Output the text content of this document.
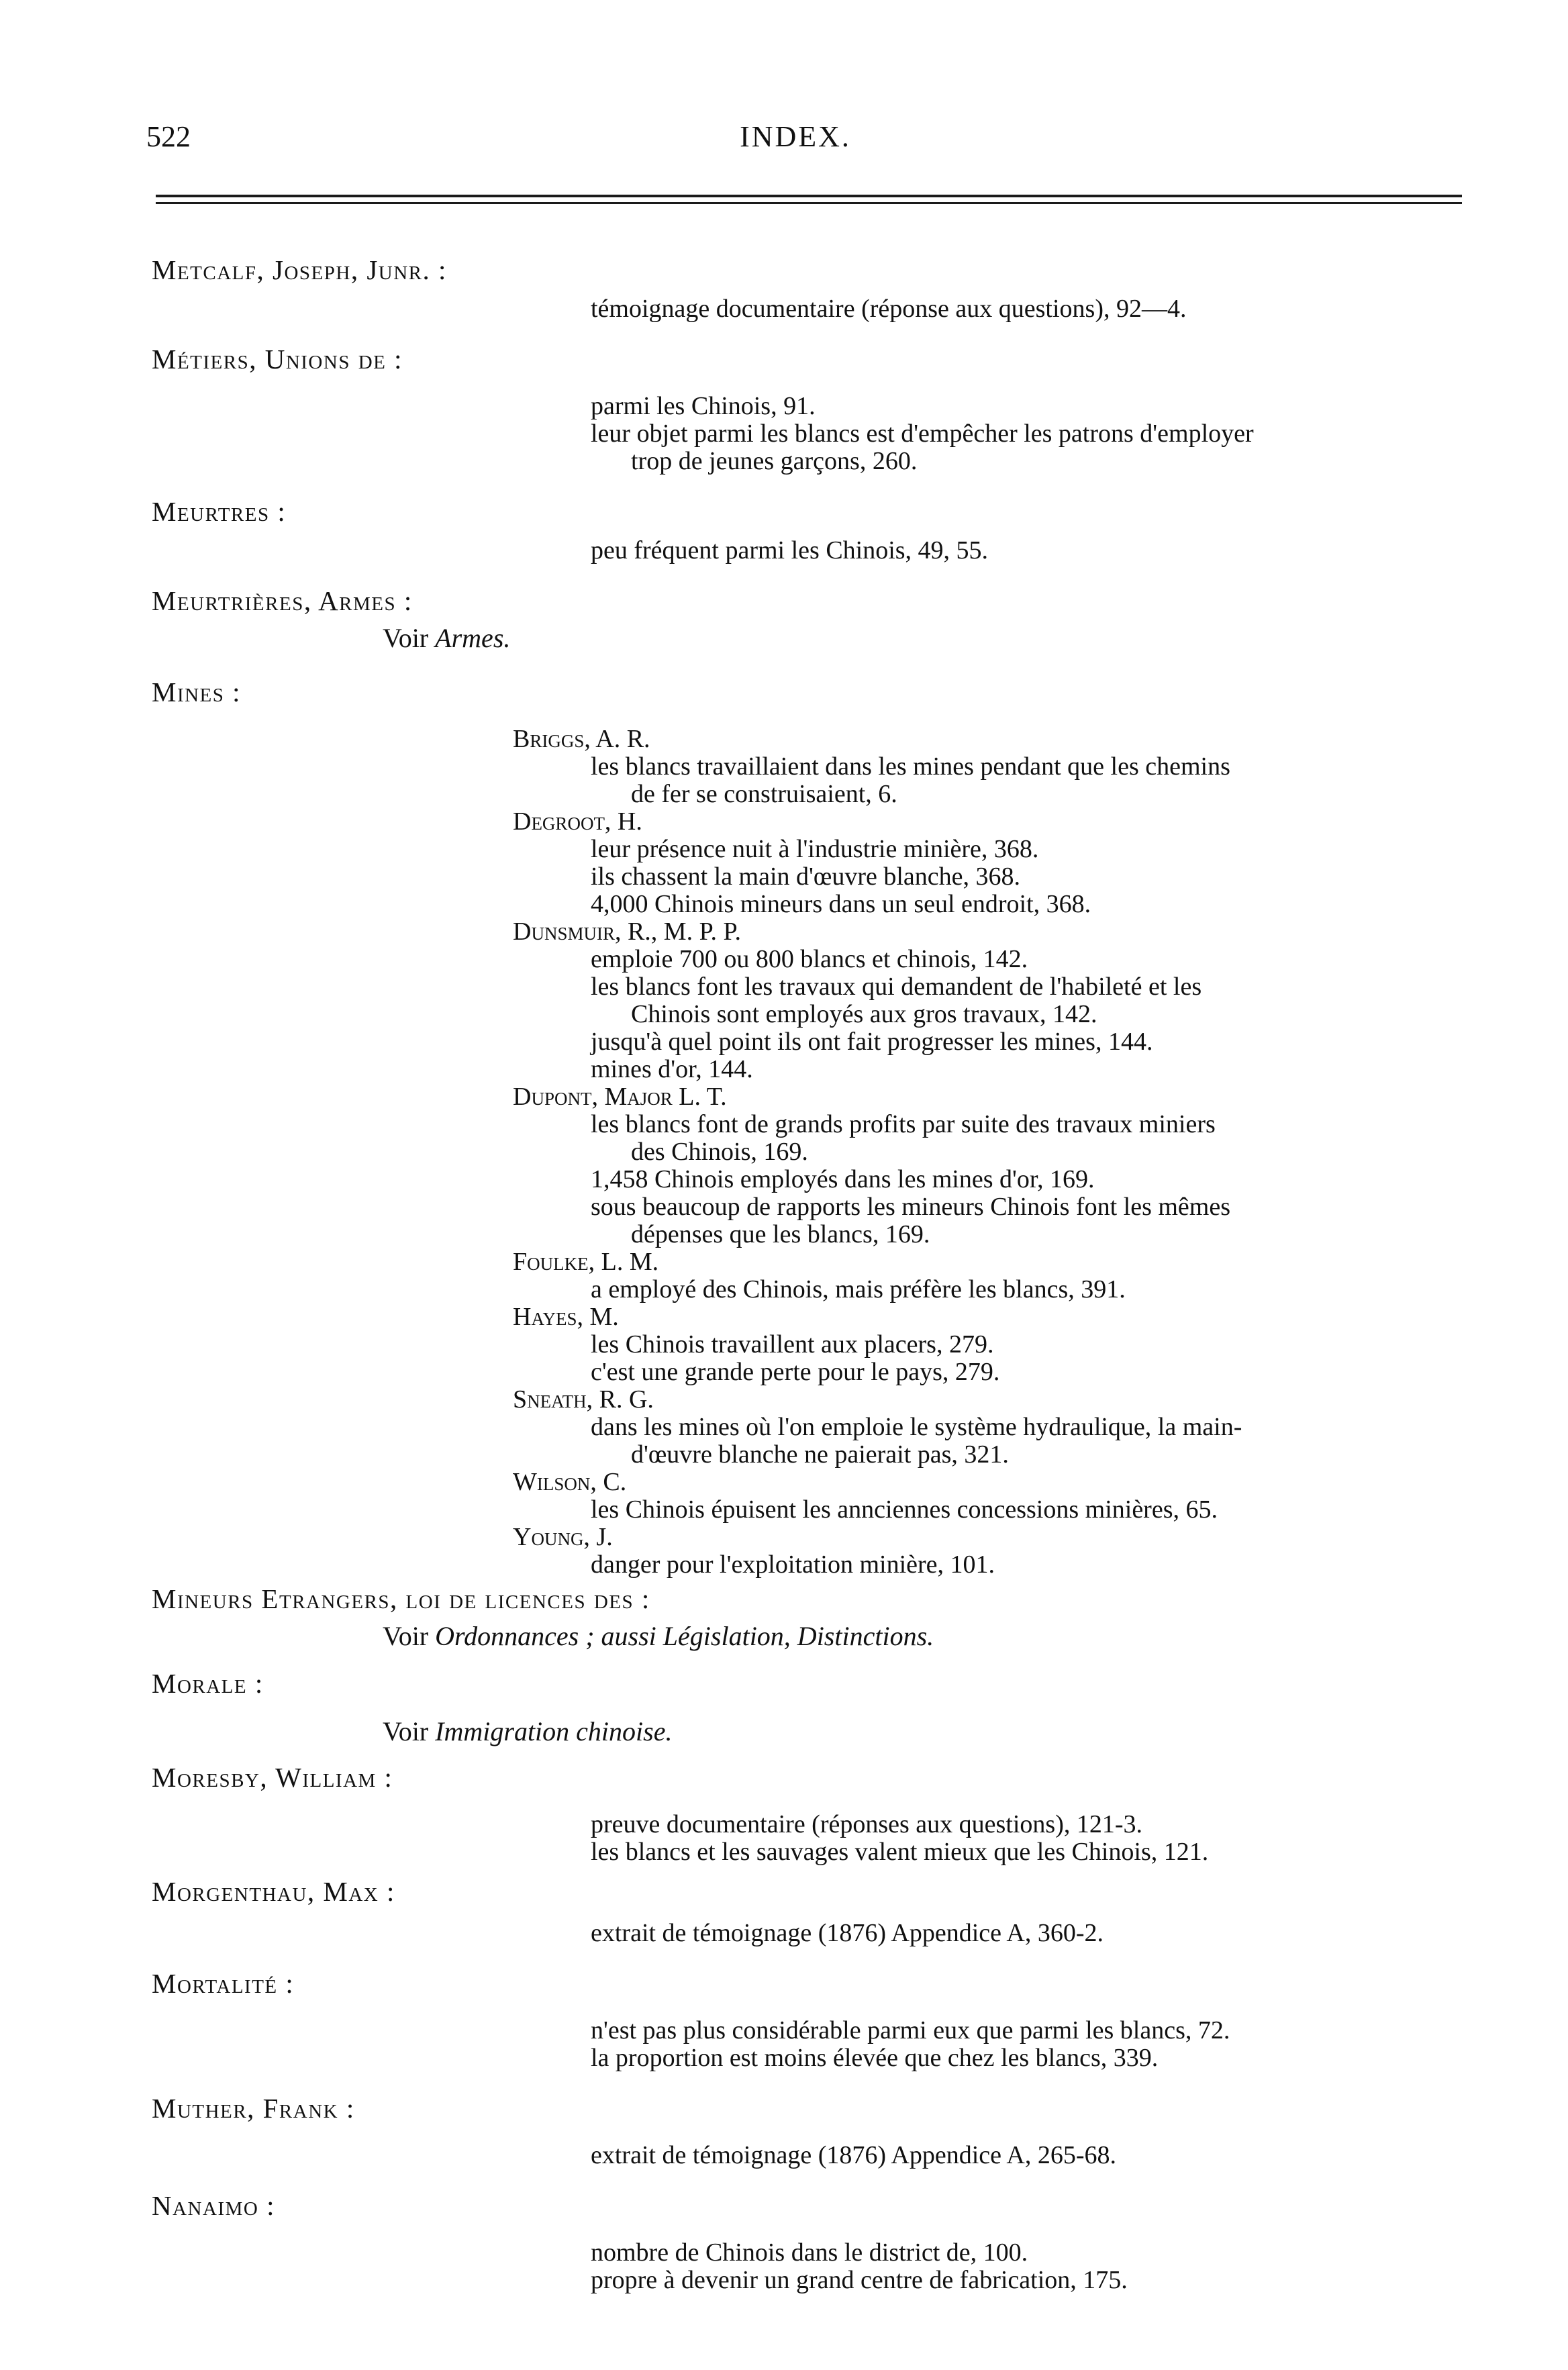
522	INDEX.
Metcalf, Joseph, Junr. :
témoignage documentaire (réponse aux questions), 92—4.
Métiers, Unions de :
parmi les Chinois, 91.
leur objet parmi les blancs est d'empêcher les patrons d'employer
trop de jeunes garçons, 260.
Meurtres :
peu fréquent parmi les Chinois, 49, 55.
Meurtrières, Armes :
Voir Armes.
Mines :
Briggs, A. R.
les blancs travaillaient dans les mines pendant que les chemins
de fer se construisaient, 6.
Degroot, H.
leur présence nuit à l'industrie minière, 368.
ils chassent la main d'œuvre blanche, 368.
4,000 Chinois mineurs dans un seul endroit, 368.
Dunsmuir, R., M. P. P.
emploie 700 ou 800 blancs et chinois, 142.
les blancs font les travaux qui demandent de l'habileté et les
Chinois sont employés aux gros travaux, 142.
jusqu'à quel point ils ont fait progresser les mines, 144.
mines d'or, 144.
Dupont, Major L. T.
les blancs font de grands profits par suite des travaux miniers
des Chinois, 169.
1,458 Chinois employés dans les mines d'or, 169.
sous beaucoup de rapports les mineurs Chinois font les mêmes
dépenses que les blancs, 169.
Foulke, L. M.
a employé des Chinois, mais préfère les blancs, 391.
Hayes, M.
les Chinois travaillent aux placers, 279.
c'est une grande perte pour le pays, 279.
Sneath, R. G.
dans les mines où l'on emploie le système hydraulique, la main-
d'œuvre blanche ne paierait pas, 321.
Wilson, C.
les Chinois épuisent les annciennes concessions minières, 65.
Young, J.
danger pour l'exploitation minière, 101.
Mineurs Etrangers, loi de licences des :
Voir Ordonnances ; aussi Législation, Distinctions.
Morale :
Voir Immigration chinoise.
Moresby, William :
preuve documentaire (réponses aux questions), 121-3.
les blancs et les sauvages valent mieux que les Chinois, 121.
Morgenthau, Max :
extrait de témoignage (1876) Appendice A, 360-2.
Mortalité :
n'est pas plus considérable parmi eux que parmi les blancs, 72.
la proportion est moins élevée que chez les blancs, 339.
Muther, Frank :
extrait de témoignage (1876) Appendice A, 265-68.
Nanaimo :
nombre de Chinois dans le district de, 100.
propre à devenir un grand centre de fabrication, 175.
